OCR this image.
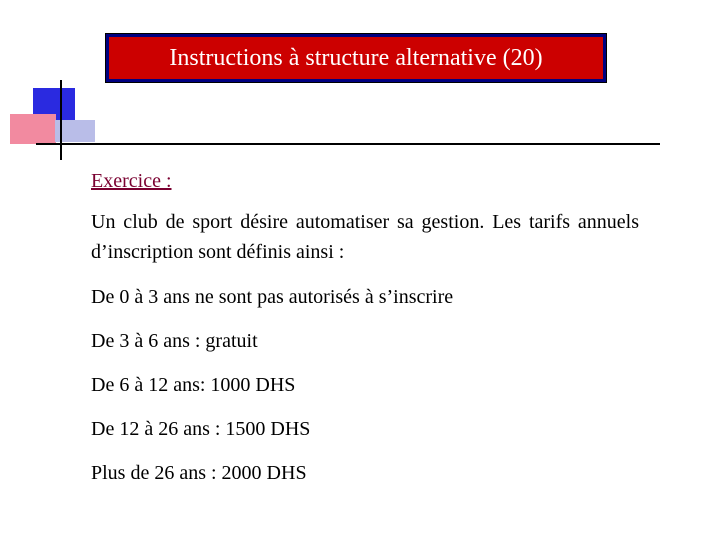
Instructions à structure alternative (20)
Exercice :
Un club de sport désire automatiser sa gestion. Les tarifs annuels d’inscription sont définis ainsi :
De 0 à 3 ans ne sont pas autorisés à s’inscrire
De 3 à 6 ans : gratuit
De 6 à 12 ans: 1000 DHS
De 12 à 26 ans : 1500 DHS
Plus de 26 ans : 2000 DHS
